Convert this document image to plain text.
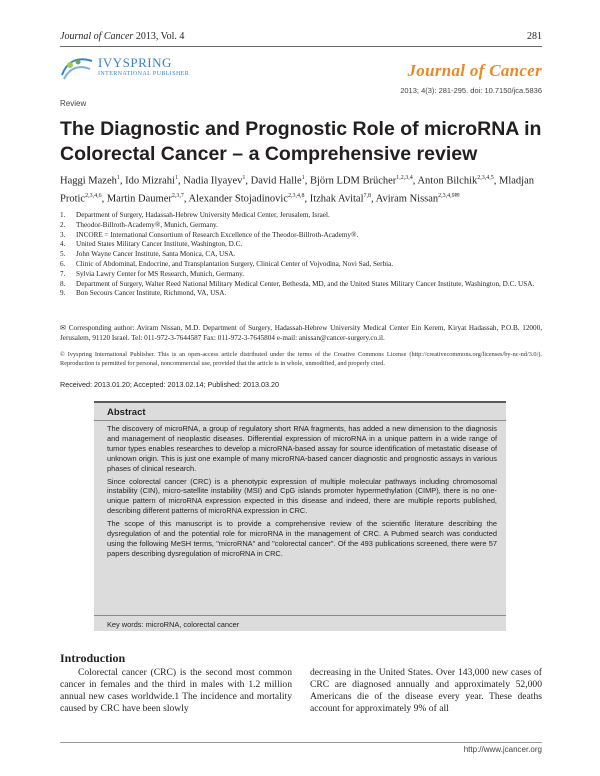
Journal of Cancer 2013, Vol. 4	281
IVYSPRING
INTERNATIONAL PUBLISHER	Journal of Cancer
2013; 4(3): 281-295. doi: 10.7150/jca.5836
Review
The Diagnostic and Prognostic Role of microRNA in Colorectal Cancer – a Comprehensive review
Haggi Mazeh$^1$, Ido Mizrahi$^1$, Nadia Ilyayev$^1$, David Halle$^1$, Björn LDM Brücher$^{1,2,3,4}$, Anton Bilchik$^{2,3,4,5}$, Mladjan Protic$^{2,3,4,6}$, Martin Daumer$^{2,3,7}$, Alexander Stojadinovic$^{2,3,4,8}$, Itzhak Avital$^{7,8}$, Aviram Nissan$^{2,3,4,9✉}$
1. Department of Surgery, Hadassah-Hebrew University Medical Center, Jerusalem, Israel.
2. Theodor-Billroth-Academy®, Munich, Germany.
3. INCORE = International Consortium of Research Excellence of the Theodor-Billroth-Academy®.
4. United States Military Cancer Institute, Washington, D.C.
5. John Wayne Cancer Institute, Santa Monica, CA, USA.
6. Clinic of Abdominal, Endocrine, and Transplantation Surgery, Clinical Center of Vojvodina, Novi Sad, Serbia.
7. Sylvia Lawry Center for MS Research, Munich, Germany.
8. Department of Surgery, Walter Reed National Military Medical Center, Bethesda, MD, and the United States Military Cancer Institute, Washington, D.C. USA.
9. Bon Secours Cancer Institute, Richmond, VA, USA.
✉ Corresponding author: Aviram Nissan, M.D. Department of Surgery, Hadassah-Hebrew University Medical Center Ein Kerem, Kiryat Hadassah, P.O.B. 12000, Jerusalem, 91120 Israel. Tel: 011-972-3-7644587 Fax: 011-972-3-7645804 e-mail: anissan@cancer-surgery.co.il.
© Ivyspring International Publisher. This is an open-access article distributed under the terms of the Creative Commons License (http://creativecommons.org/licenses/by-nc-nd/3.0/). Reproduction is permitted for personal, noncommercial use, provided that the article is in whole, unmodified, and properly cited.
Received: 2013.01.20; Accepted: 2013.02.14; Published: 2013.03.20
Abstract

The discovery of microRNA, a group of regulatory short RNA fragments, has added a new dimension to the diagnosis and management of neoplastic diseases. Differential expression of microRNA in a unique pattern in a wide range of tumor types enables researches to develop a microRNA-based assay for source identification of metastatic disease of unknown origin. This is just one example of many microRNA-based cancer diagnostic and prognostic assays in various phases of clinical research.

Since colorectal cancer (CRC) is a phenotypic expression of multiple molecular pathways including chromosomal instability (CIN), micro-satellite instability (MSI) and CpG islands promoter hypermethylation (CIMP), there is no one-unique pattern of microRNA expression expected in this disease and indeed, there are multiple reports published, describing different patterns of microRNA expression in CRC.

The scope of this manuscript is to provide a comprehensive review of the scientific literature describing the dysregulation of and the potential role for microRNA in the management of CRC. A Pubmed search was conducted using the following MeSH terms, "microRNA" and "colorectal cancer". Of the 493 publications screened, there were 57 papers describing dysregulation of microRNA in CRC.

Key words: microRNA, colorectal cancer
Introduction
Colorectal cancer (CRC) is the second most common cancer in females and the third in males with 1.2 million annual new cases worldwide.1 The incidence and mortality caused by CRC have been slowly
decreasing in the United States. Over 143,000 new cases of CRC are diagnosed annually and approximately 52,000 Americans die of the disease every year. These deaths account for approximately 9% of all
http://www.jcancer.org
